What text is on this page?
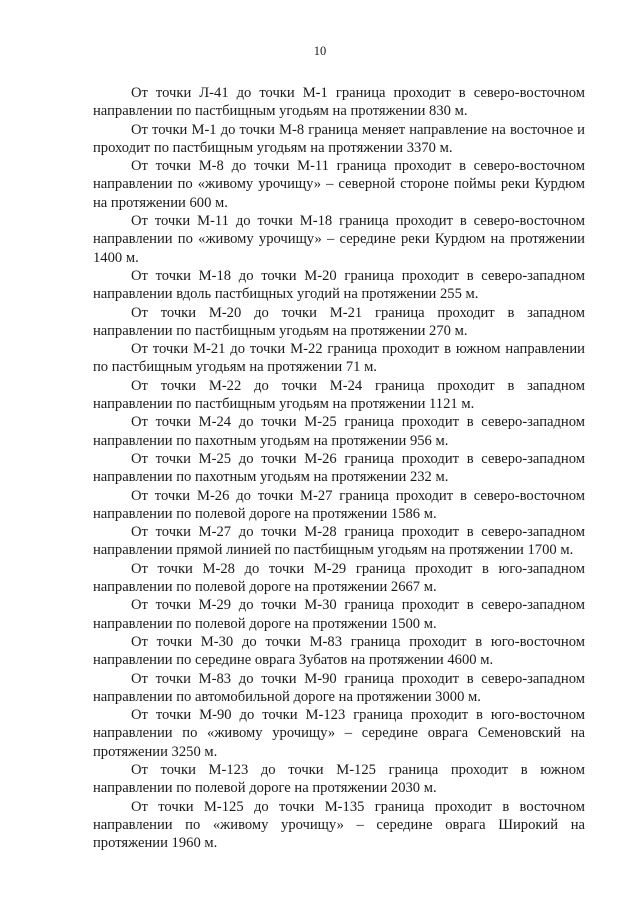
10

От точки Л-41 до точки М-1 граница проходит в северо-восточном направлении по пастбищным угодьям на протяжении 830 м.

От точки М-1 до точки М-8 граница меняет направление на восточное и проходит по пастбищным угодьям на протяжении 3370 м.

От точки М-8 до точки М-11 граница проходит в северо-восточном направлении по «живому урочищу» – северной стороне поймы реки Курдюм на протяжении 600 м.

От точки М-11 до точки М-18 граница проходит в северо-восточном направлении по «живому урочищу» – середине реки Курдюм на протяжении 1400 м.

От точки М-18 до точки М-20 граница проходит в северо-западном направлении вдоль пастбищных угодий на протяжении 255 м.

От точки М-20 до точки М-21 граница проходит в западном направлении по пастбищным угодьям на протяжении 270 м.

От точки М-21 до точки М-22 граница проходит в южном направлении по пастбищным угодьям на протяжении 71 м.

От точки М-22 до точки М-24 граница проходит в западном направлении по пастбищным угодьям на протяжении 1121 м.

От точки М-24 до точки М-25 граница проходит в северо-западном направлении по пахотным угодьям на протяжении 956 м.

От точки М-25 до точки М-26 граница проходит в северо-западном направлении по пахотным угодьям на протяжении 232 м.

От точки М-26 до точки М-27 граница проходит в северо-восточном направлении по полевой дороге на протяжении 1586 м.

От точки М-27 до точки М-28 граница проходит в северо-западном направлении прямой линией по пастбищным угодьям на протяжении 1700 м.

От точки М-28 до точки М-29 граница проходит в юго-западном направлении по полевой дороге на протяжении 2667 м.

От точки М-29 до точки М-30 граница проходит в северо-западном направлении по полевой дороге на протяжении 1500 м.

От точки М-30 до точки М-83 граница проходит в юго-восточном направлении по середине оврага Зубатов на протяжении 4600 м.

От точки М-83 до точки М-90 граница проходит в северо-западном направлении по автомобильной дороге на протяжении 3000 м.

От точки М-90 до точки М-123 граница проходит в юго-восточном направлении по «живому урочищу» – середине оврага Семеновский на протяжении 3250 м.

От точки М-123 до точки М-125 граница проходит в южном направлении по полевой дороге на протяжении 2030 м.

От точки М-125 до точки М-135 граница проходит в восточном направлении по «живому урочищу» – середине оврага Широкий на протяжении 1960 м.
